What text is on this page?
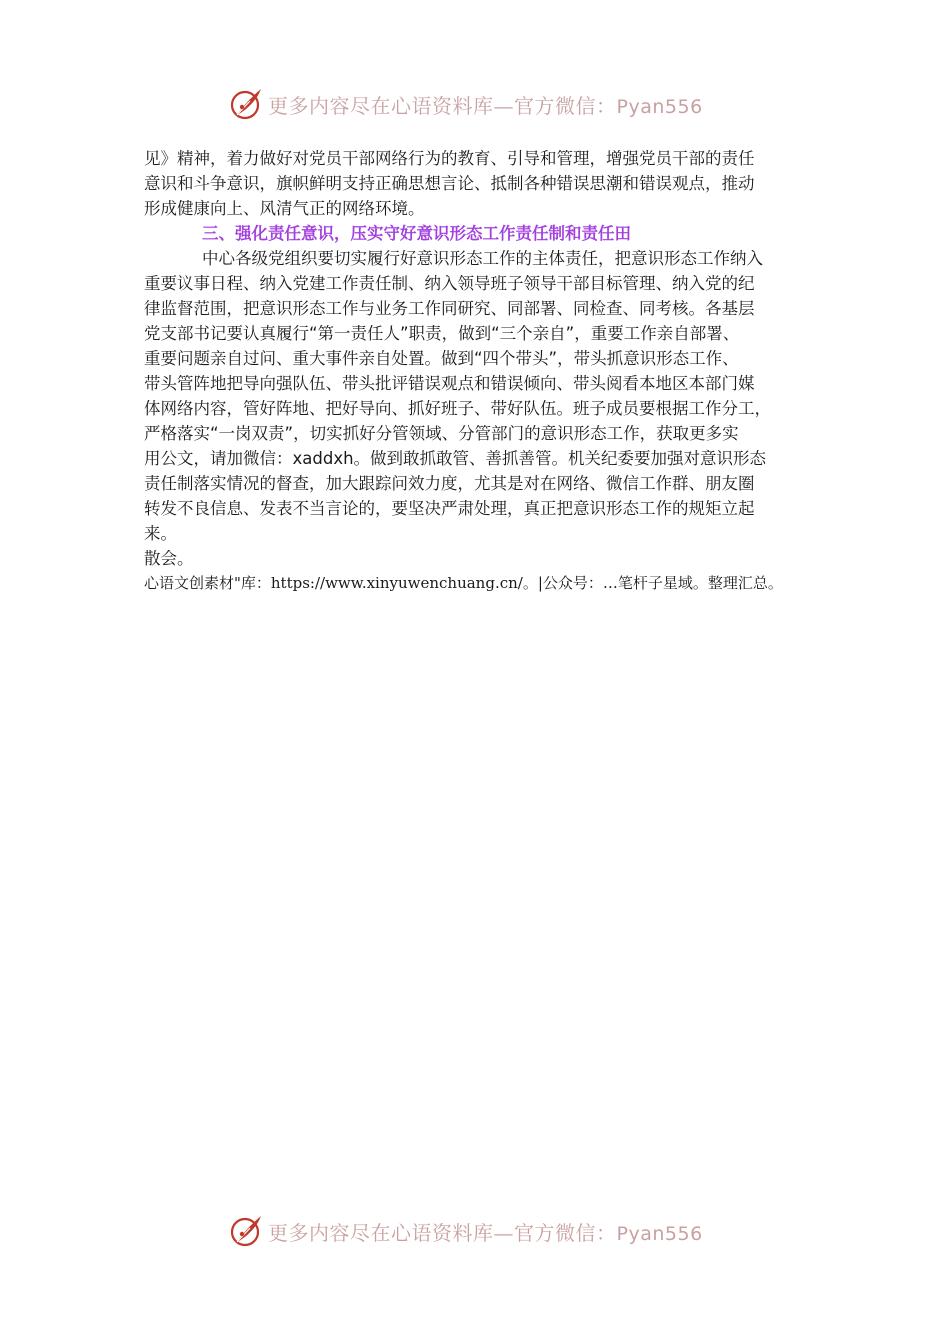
更多内容尽在心语资料库—官方微信：Pyan556
见》精神，着力做好对党员干部网络行为的教育、引导和管理，增强党员干部的责任
意识和斗争意识，旗帜鲜明支持正确思想言论、抵制各种错误思潮和错误观点，推动
形成健康向上、风清气正的网络环境。
三、强化责任意识，压实守好意识形态工作责任制和责任田
中心各级党组织要切实履行好意识形态工作的主体责任，把意识形态工作纳入
重要议事日程、纳入党建工作责任制、纳入领导班子领导干部目标管理、纳入党的纪
律监督范围，把意识形态工作与业务工作同研究、同部署、同检查、同考核。各基层
党支部书记要认真履行“第一责任人”职责，做到“三个亲自”，重要工作亲自部署、
重要问题亲自过问、重大事件亲自处置。做到“四个带头”，带头抓意识形态工作、
带头管阵地把导向强队伍、带头批评错误观点和错误倾向、带头阅看本地区本部门媒
体网络内容，管好阵地、把好导向、抓好班子、带好队伍。班子成员要根据工作分工，
严格落实“一岗双责”，切实抓好分管领域、分管部门的意识形态工作，获取更多实
用公文，请加微信：xaddxh。做到敢抓敢管、善抓善管。机关纪委要加强对意识形态
责任制落实情况的督查，加大跟踪问效力度，尤其是对在网络、微信工作群、朋友圈
转发不良信息、发表不当言论的，要坚决严肃处理，真正把意识形态工作的规矩立起
来。
散会。
心语文创素材"库：https://www.xinyuwenchuang.cn/。|公众号：…笔杆子星域。整理汇总。
更多内容尽在心语资料库—官方微信：Pyan556
